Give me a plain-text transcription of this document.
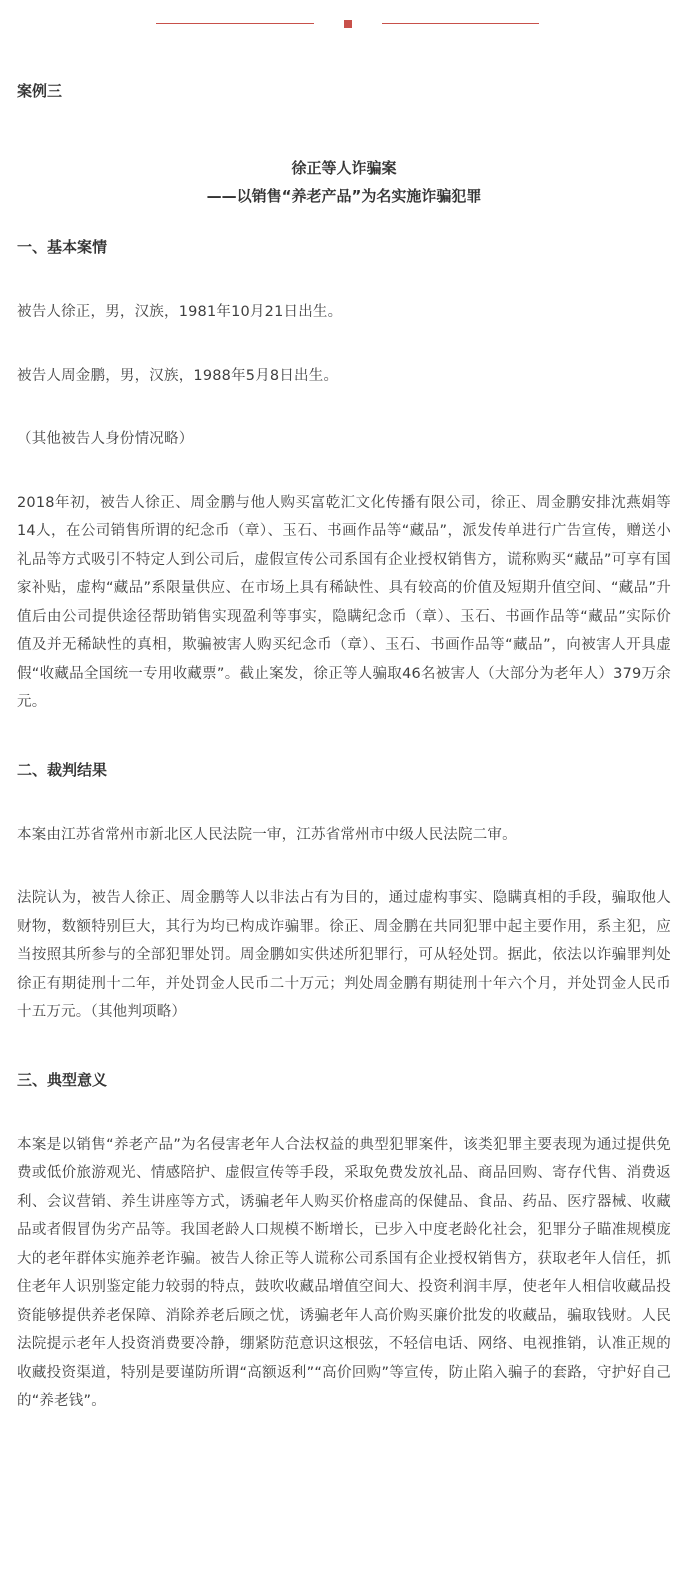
案例三
徐正等人诈骗案
——以销售“养老产品”为名实施诈骗犯罪
一、基本案情

被告人徐正，男，汉族，1981年10月21日出生。

被告人周金鹏，男，汉族，1988年5月8日出生。

（其他被告人身份情况略）

2018年初，被告人徐正、周金鹏与他人购买富乾汇文化传播有限公司，徐正、周金鹏安排沈燕娟等14人，在公司销售所谓的纪念币（章）、玉石、书画作品等“藏品”，派发传单进行广告宣传，赠送小礼品等方式吸引不特定人到公司后，虚假宣传公司系国有企业授权销售方，谎称购买“藏品”可享有国家补贴，虚构“藏品”系限量供应、在市场上具有稀缺性、具有较高的价值及短期升值空间、“藏品”升值后由公司提供途径帮助销售实现盈利等事实，隐瞒纪念币（章）、玉石、书画作品等“藏品”实际价值及并无稀缺性的真相，欺骗被害人购买纪念币（章）、玉石、书画作品等“藏品”，向被害人开具虚假“收藏品全国统一专用收藏票”。截止案发，徐正等人骗取46名被害人（大部分为老年人）379万余元。

二、裁判结果

本案由江苏省常州市新北区人民法院一审，江苏省常州市中级人民法院二审。

法院认为，被告人徐正、周金鹏等人以非法占有为目的，通过虚构事实、隐瞒真相的手段，骗取他人财物，数额特别巨大，其行为均已构成诈骗罪。徐正、周金鹏在共同犯罪中起主要作用，系主犯，应当按照其所参与的全部犯罪处罚。周金鹏如实供述所犯罪行，可从轻处罚。据此，依法以诈骗罪判处徐正有期徒刑十二年，并处罚金人民币二十万元；判处周金鹏有期徒刑十年六个月，并处罚金人民币十五万元。（其他判项略）

三、典型意义

本案是以销售“养老产品”为名侵害老年人合法权益的典型犯罪案件，该类犯罪主要表现为通过提供免费或低价旅游观光、情感陪护、虚假宣传等手段，采取免费发放礼品、商品回购、寄存代售、消费返利、会议营销、养生讲座等方式，诱骗老年人购买价格虚高的保健品、食品、药品、医疗器械、收藏品或者假冒伪劣产品等。我国老龄人口规模不断增长，已步入中度老龄化社会，犯罪分子瞄准规模庞大的老年群体实施养老诈骗。被告人徐正等人谎称公司系国有企业授权销售方，获取老年人信任，抓住老年人识别鉴定能力较弱的特点，鼓吹收藏品增值空间大、投资利润丰厚，使老年人相信收藏品投资能够提供养老保障、消除养老后顾之忧，诱骗老年人高价购买廉价批发的收藏品，骗取钱财。人民法院提示老年人投资消费要冷静，绷紧防范意识这根弦，不轻信电话、网络、电视推销，认准正规的收藏投资渠道，特别是要谨防所谓“高额返利”“高价回购”等宣传，防止陷入骗子的套路，守护好自己的“养老钱”。
